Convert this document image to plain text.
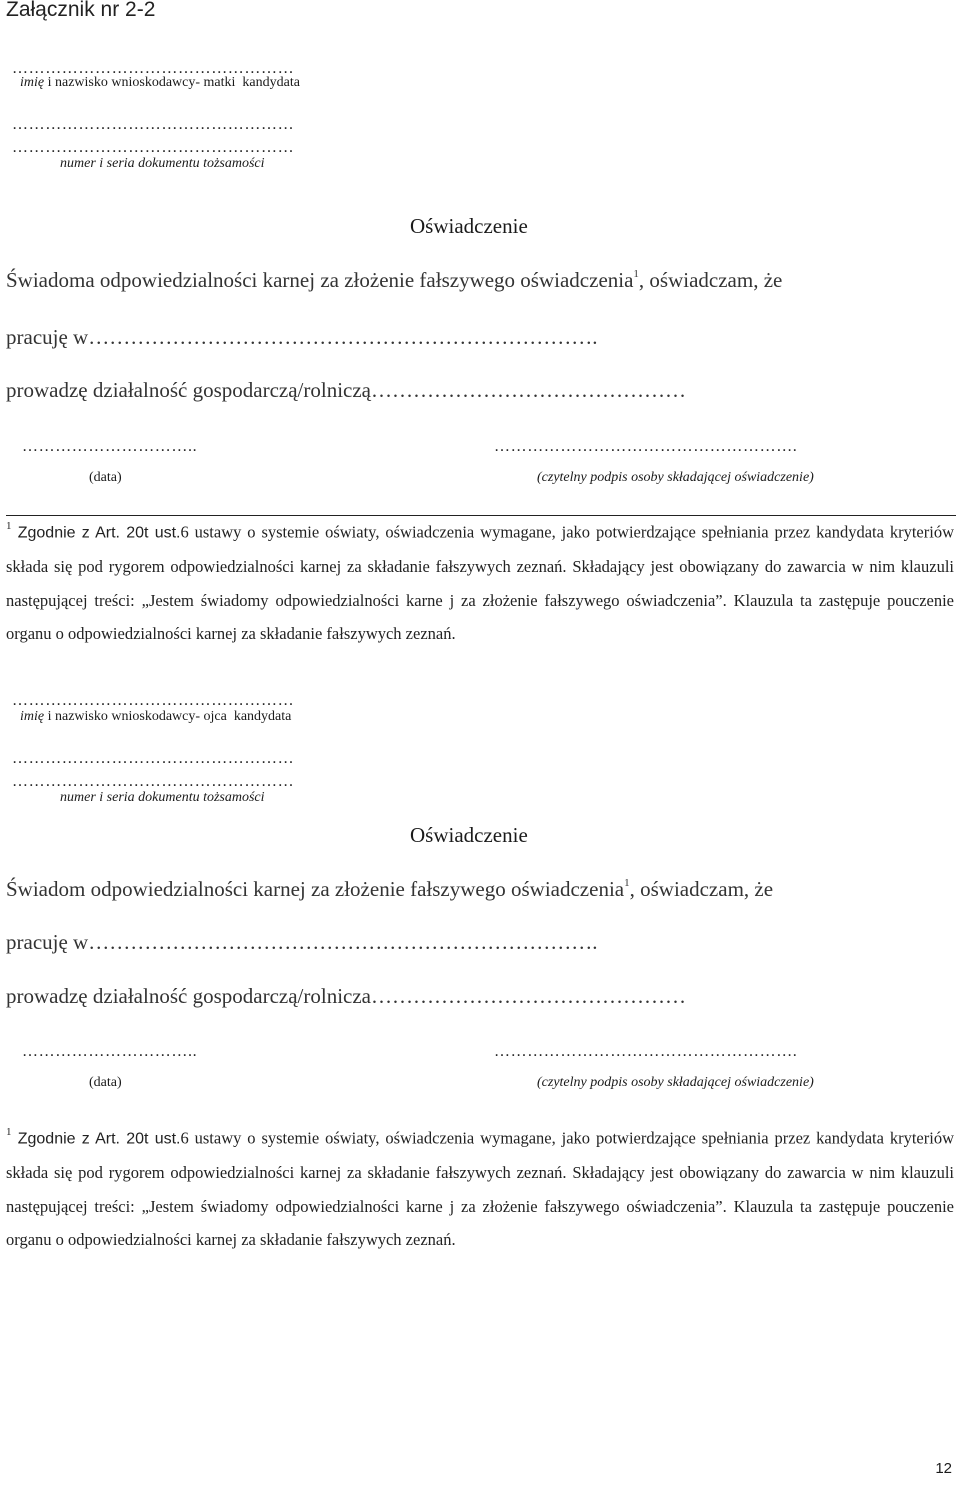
Załącznik nr 2-2
……………………………………………
imię i nazwisko wnioskodawcy- matki  kandydata
……………………………………………
……………………………………………
numer i seria dokumentu tożsamości
Oświadczenie
Świadoma odpowiedzialności karnej za złożenie fałszywego oświadczenia$^1$, oświadczam, że
pracuję w……………………………………………………………….
prowadzę działalność gospodarczą/rolniczą………………………………………
…………………………..	……………………………………………….
(data)	(czytelny podpis osoby składającej oświadczenie)
$^1$ Zgodnie z Art. 20t ust.6 ustawy o systemie oświaty, oświadczenia wymagane, jako potwierdzające spełniania przez kandydata kryteriów składa się pod rygorem odpowiedzialności karnej za składanie fałszywych zeznań. Składający jest obowiązany do zawarcia w nim klauzuli następującej treści: „Jestem świadomy odpowiedzialności karne j za złożenie fałszywego oświadczenia”. Klauzula ta zastępuje pouczenie organu o odpowiedzialności karnej za składanie fałszywych zeznań.
……………………………………………
imię i nazwisko wnioskodawcy- ojca  kandydata
……………………………………………
……………………………………………
numer i seria dokumentu tożsamości
Oświadczenie
Świadom odpowiedzialności karnej za złożenie fałszywego oświadczenia$^1$, oświadczam, że
pracuję w……………………………………………………………….
prowadzę działalność gospodarczą/rolnicza………………………………………
…………………………..	……………………………………………….
(data)	(czytelny podpis osoby składającej oświadczenie)
$^1$ Zgodnie z Art. 20t ust.6 ustawy o systemie oświaty, oświadczenia wymagane, jako potwierdzające spełniania przez kandydata kryteriów składa się pod rygorem odpowiedzialności karnej za składanie fałszywych zeznań. Składający jest obowiązany do zawarcia w nim klauzuli następującej treści: „Jestem świadomy odpowiedzialności karne j za złożenie fałszywego oświadczenia”. Klauzula ta zastępuje pouczenie organu o odpowiedzialności karnej za składanie fałszywych zeznań.
12
